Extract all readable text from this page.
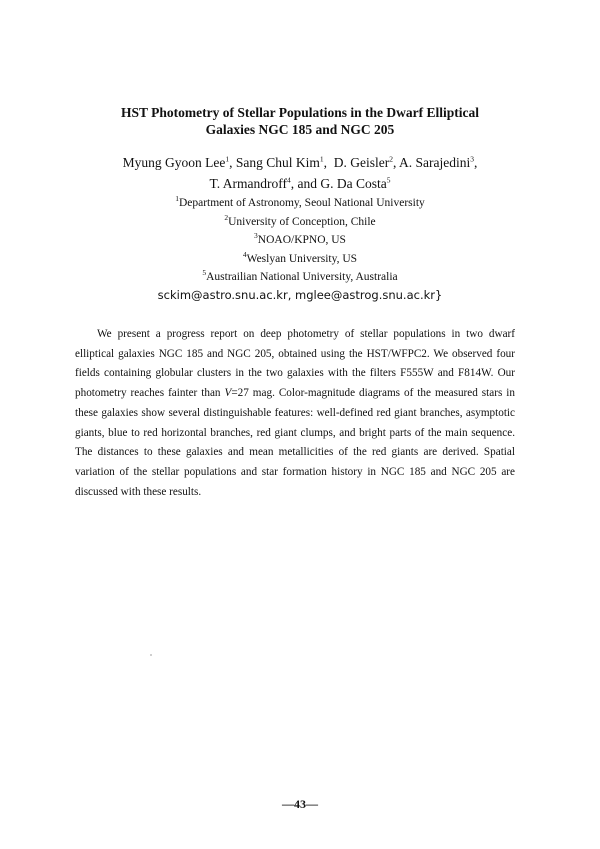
HST Photometry of Stellar Populations in the Dwarf Elliptical
Galaxies NGC 185 and NGC 205
Myung Gyoon Lee$^1$, Sang Chul Kim$^1$,  D. Geisler$^2$, A. Sarajedini$^3$,
T. Armandroff$^4$, and G. Da Costa$^5$
$^1$Department of Astronomy, Seoul National University
$^2$University of Conception, Chile
$^3$NOAO/KPNO, US
$^4$Weslyan University, US
$^5$Austrailian National University, Australia
sckim@astro.snu.ac.kr, mglee@astrog.snu.ac.kr}
We present a progress report on deep photometry of stellar populations in two dwarf elliptical galaxies NGC 185 and NGC 205, obtained using the HST/WFPC2. We observed four fields containing globular clusters in the two galaxies with the filters F555W and F814W. Our photometry reaches fainter than V=27 mag. Color-magnitude diagrams of the measured stars in these galaxies show several distinguishable features: well-defined red giant branches, asymptotic giants, blue to red horizontal branches, red giant clumps, and bright parts of the main sequence. The distances to these galaxies and mean metallicities of the red giants are derived. Spatial variation of the stellar populations and star formation history in NGC 185 and NGC 205 are discussed with these results.
—43—
